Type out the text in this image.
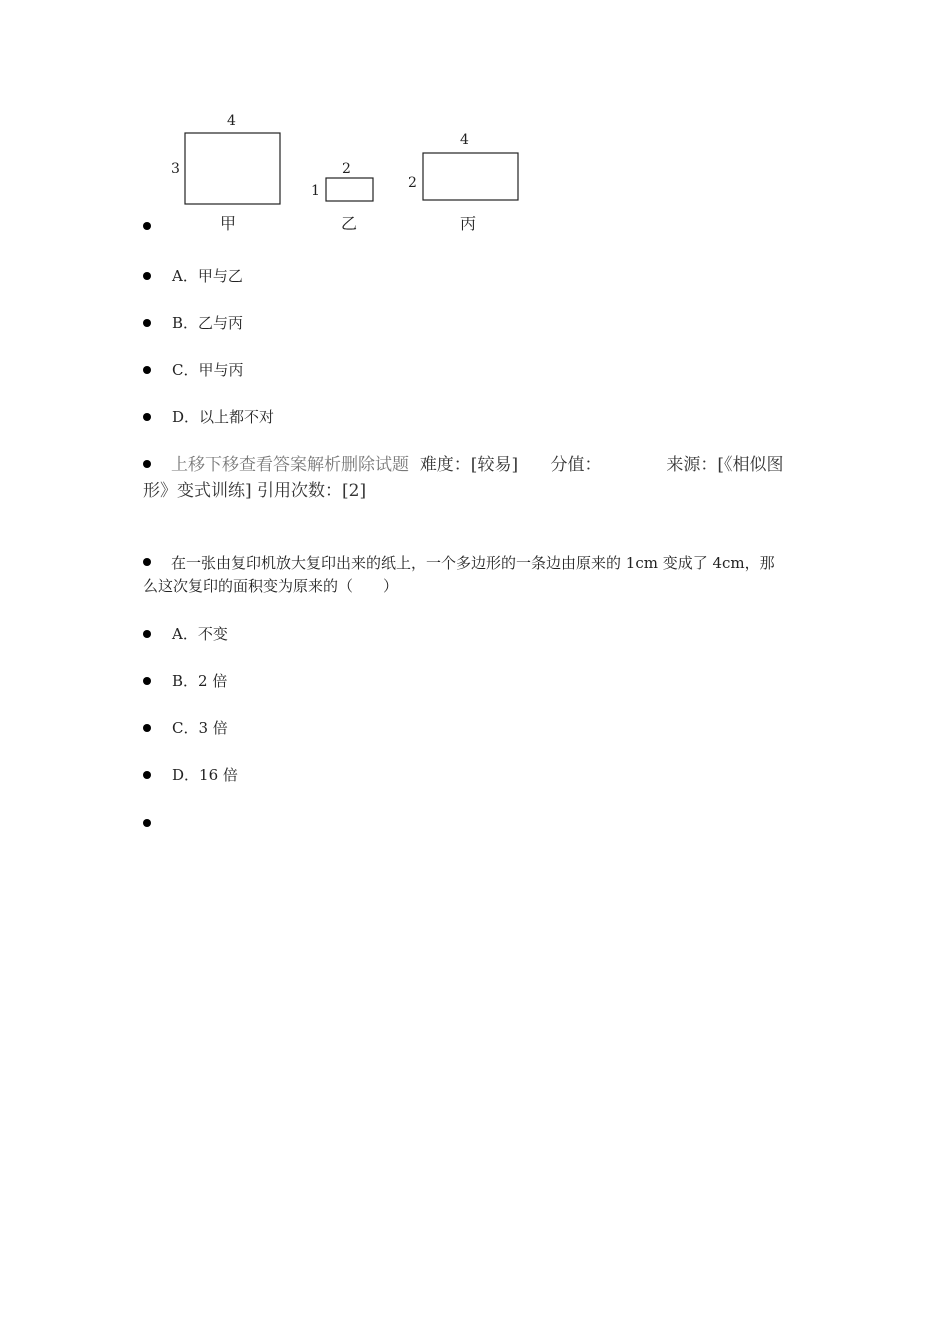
4
3
甲
2
1
乙
4
2
丙
A．甲与乙
B．乙与丙
C．甲与丙
D．以上都不对
上移下移查看答案解析删除试题 难度：[较易] 分值：	来源：[《相似图形》变式训练] 引用次数：[2]
在一张由复印机放大复印出来的纸上，一个多边形的一条边由原来的 1cm 变成了 4cm，那么这次复印的面积变为原来的（　　）
A．不变
B．2 倍
C．3 倍
D．16 倍
